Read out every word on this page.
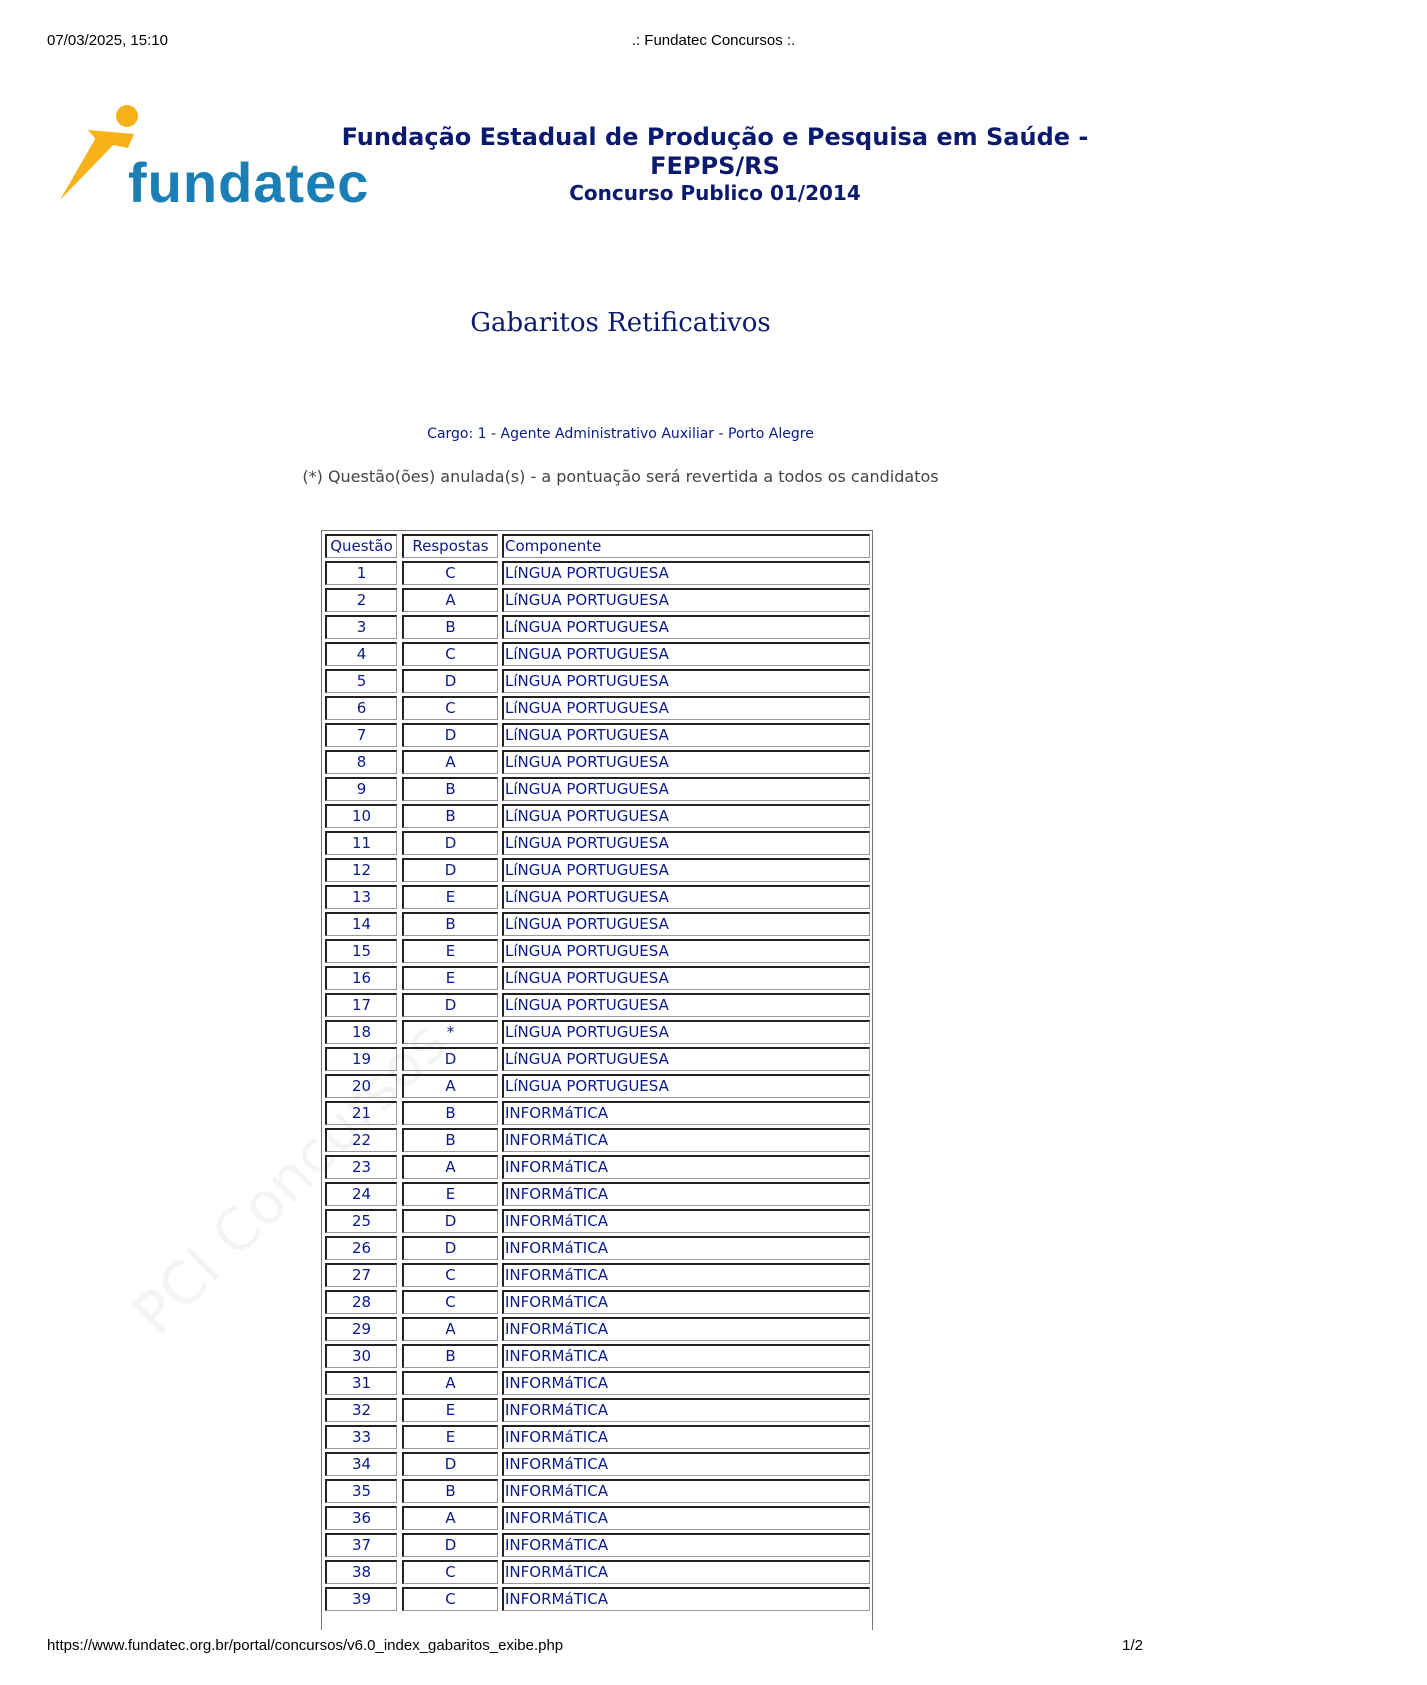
07/03/2025, 15:10	.: Fundatec Concursos :.
fundatec
Fundação Estadual de Produção e Pesquisa em Saúde -
FEPPS/RS
Concurso Publico 01/2014
Gabaritos Retificativos
Cargo: 1 - Agente Administrativo Auxiliar - Porto Alegre
(*) Questão(ões) anulada(s) - a pontuação será revertida a todos os candidatos
Questão	Respostas	Componente
1	C	LíNGUA PORTUGUESA
2	A	LíNGUA PORTUGUESA
3	B	LíNGUA PORTUGUESA
4	C	LíNGUA PORTUGUESA
5	D	LíNGUA PORTUGUESA
6	C	LíNGUA PORTUGUESA
7	D	LíNGUA PORTUGUESA
8	A	LíNGUA PORTUGUESA
9	B	LíNGUA PORTUGUESA
10	B	LíNGUA PORTUGUESA
11	D	LíNGUA PORTUGUESA
12	D	LíNGUA PORTUGUESA
13	E	LíNGUA PORTUGUESA
14	B	LíNGUA PORTUGUESA
15	E	LíNGUA PORTUGUESA
16	E	LíNGUA PORTUGUESA
17	D	LíNGUA PORTUGUESA
18	*	LíNGUA PORTUGUESA
19	D	LíNGUA PORTUGUESA
20	A	LíNGUA PORTUGUESA
21	B	INFORMáTICA
22	B	INFORMáTICA
23	A	INFORMáTICA
24	E	INFORMáTICA
25	D	INFORMáTICA
26	D	INFORMáTICA
27	C	INFORMáTICA
28	C	INFORMáTICA
29	A	INFORMáTICA
30	B	INFORMáTICA
31	A	INFORMáTICA
32	E	INFORMáTICA
33	E	INFORMáTICA
34	D	INFORMáTICA
35	B	INFORMáTICA
36	A	INFORMáTICA
37	D	INFORMáTICA
38	C	INFORMáTICA
39	C	INFORMáTICA
https://www.fundatec.org.br/portal/concursos/v6.0_index_gabaritos_exibe.php	1/2
